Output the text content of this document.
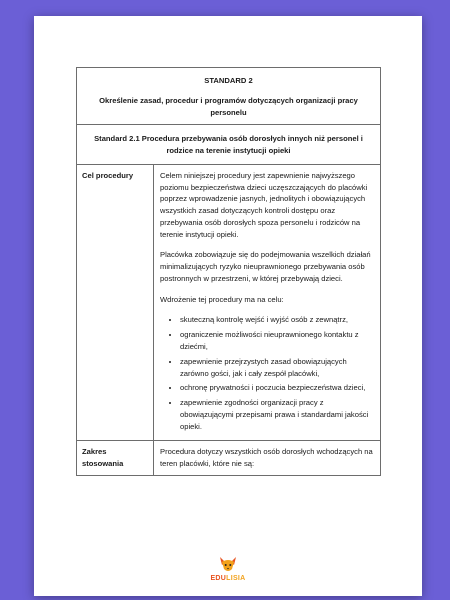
STANDARD 2
Określenie zasad, procedur i programów dotyczących organizacji pracy personelu
Standard 2.1 Procedura przebywania osób dorosłych innych niż personel i rodzice na terenie instytucji opieki
Cel procedury	Celem niniejszej procedury jest zapewnienie najwyższego poziomu bezpieczeństwa dzieci uczęszczających do placówki poprzez wprowadzenie jasnych, jednolitych i obowiązujących wszystkich zasad dotyczących kontroli dostępu oraz przebywania osób dorosłych spoza personelu i rodziców na terenie instytucji opieki.

Placówka zobowiązuje się do podejmowania wszelkich działań minimalizujących ryzyko nieuprawnionego przebywania osób postronnych w przestrzeni, w której przebywają dzieci.

Wdrożenie tej procedury ma na celu:

• skuteczną kontrolę wejść i wyjść osób z zewnątrz,
• ograniczenie możliwości nieuprawnionego kontaktu z dziećmi,
• zapewnienie przejrzystych zasad obowiązujących zarówno gości, jak i cały zespół placówki,
• ochronę prywatności i poczucia bezpieczeństwa dzieci,
• zapewnienie zgodności organizacji pracy z obowiązującymi przepisami prawa i standardami jakości opieki.
Zakres stosowania

Procedura dotyczy wszystkich osób dorosłych wchodzących na teren placówki, które nie są:

EDULISIA
